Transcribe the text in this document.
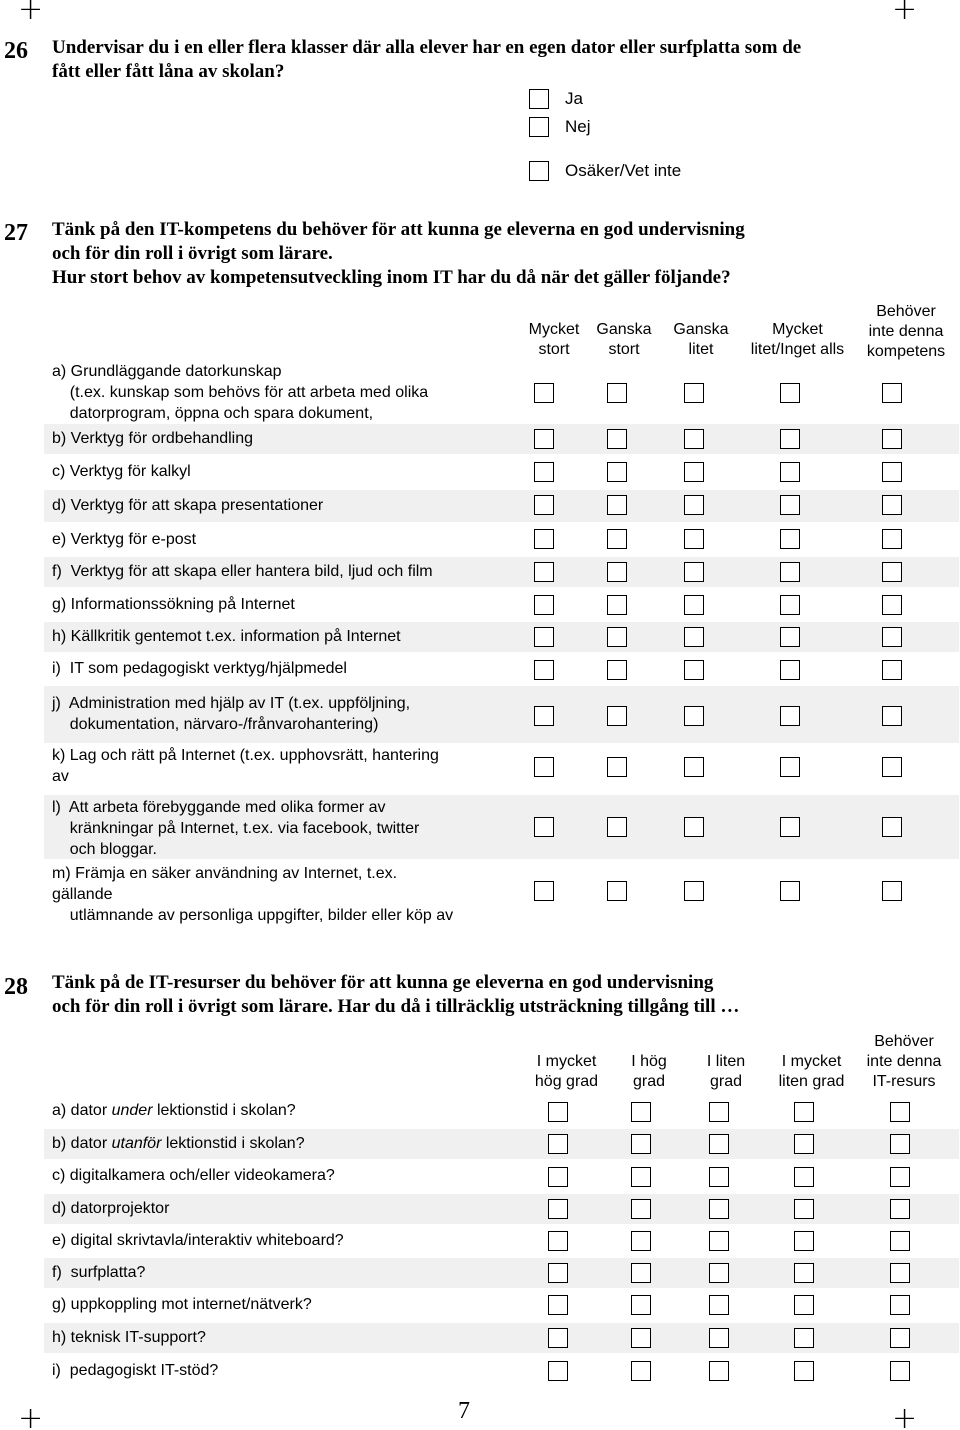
+	+
+	+
26 Undervisar du i en eller flera klasser där alla elever har en egen dator eller surfplatta som de
fått eller fått låna av skolan?
Ja
Nej
Osäker/Vet inte
27 Tänk på den IT-kompetens du behöver för att kunna ge eleverna en god undervisning
och för din roll i övrigt som lärare.
Hur stort behov av kompetensutveckling inom IT har du då när det gäller följande?
Mycket
stort
Ganska
stort
Ganska
litet
Mycket
litet/Inget alls
Behöver
inte denna
kompetens
a) Grundläggande datorkunskap
(t.ex. kunskap som behövs för att arbeta med olika
datorprogram, öppna och spara dokument,
b) Verktyg för ordbehandling
c) Verktyg för kalkyl
d) Verktyg för att skapa presentationer
e) Verktyg för e-post
f)  Verktyg för att skapa eller hantera bild, ljud och film
g) Informationssökning på Internet
h) Källkritik gentemot t.ex. information på Internet
i)  IT som pedagogiskt verktyg/hjälpmedel
j)  Administration med hjälp av IT (t.ex. uppföljning,
dokumentation, närvaro-/frånvarohantering)
k) Lag och rätt på Internet (t.ex. upphovsrätt, hantering
av
l)  Att arbeta förebyggande med olika former av
kränkningar på Internet, t.ex. via facebook, twitter
och bloggar.
m) Främja en säker användning av Internet, t.ex.
gällande
utlämnande av personliga uppgifter, bilder eller köp av
28 Tänk på de IT-resurser du behöver för att kunna ge eleverna en god undervisning
och för din roll i övrigt som lärare. Har du då i tillräcklig utsträckning tillgång till …
I mycket
hög grad
I hög
grad
I liten
grad
I mycket
liten grad
Behöver
inte denna
IT-resurs
a) dator under lektionstid i skolan?
b) dator utanför lektionstid i skolan?
c) digitalkamera och/eller videokamera?
d) datorprojektor
e) digital skrivtavla/interaktiv whiteboard?
f)  surfplatta?
g) uppkoppling mot internet/nätverk?
h) teknisk IT-support?
i)  pedagogiskt IT-stöd?
7
